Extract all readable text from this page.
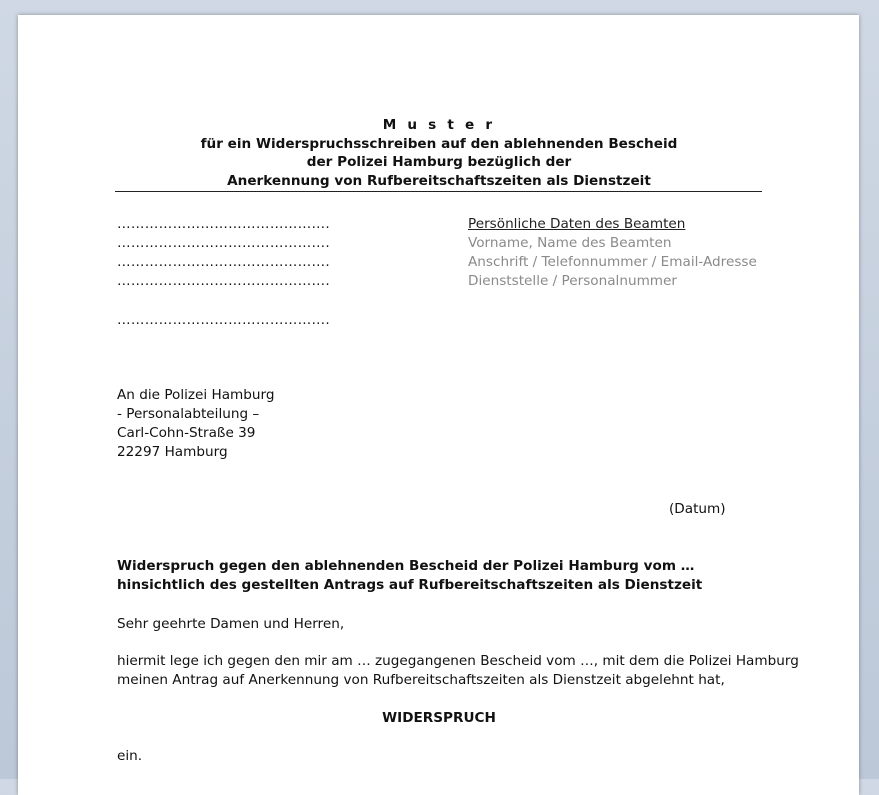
M u s t e r
für ein Widerspruchsschreiben auf den ablehnenden Bescheid
der Polizei Hamburg bezüglich der
Anerkennung von Rufbereitschaftszeiten als Dienstzeit
……………………………………….
……………………………………….
……………………………………….
……………………………………….
……………………………………….
Persönliche Daten des Beamten
Vorname, Name des Beamten
Anschrift / Telefonnummer / Email-Adresse
Dienststelle / Personalnummer
An die Polizei Hamburg
- Personalabteilung –
Carl-Cohn-Straße 39
22297 Hamburg
(Datum)
Widerspruch gegen den ablehnenden Bescheid der Polizei Hamburg vom …
hinsichtlich des gestellten Antrags auf Rufbereitschaftszeiten als Dienstzeit
Sehr geehrte Damen und Herren,
hiermit lege ich gegen den mir am … zugegangenen Bescheid vom …, mit dem die Polizei Hamburg
meinen Antrag auf Anerkennung von Rufbereitschaftszeiten als Dienstzeit abgelehnt hat,
WIDERSPRUCH
ein.
